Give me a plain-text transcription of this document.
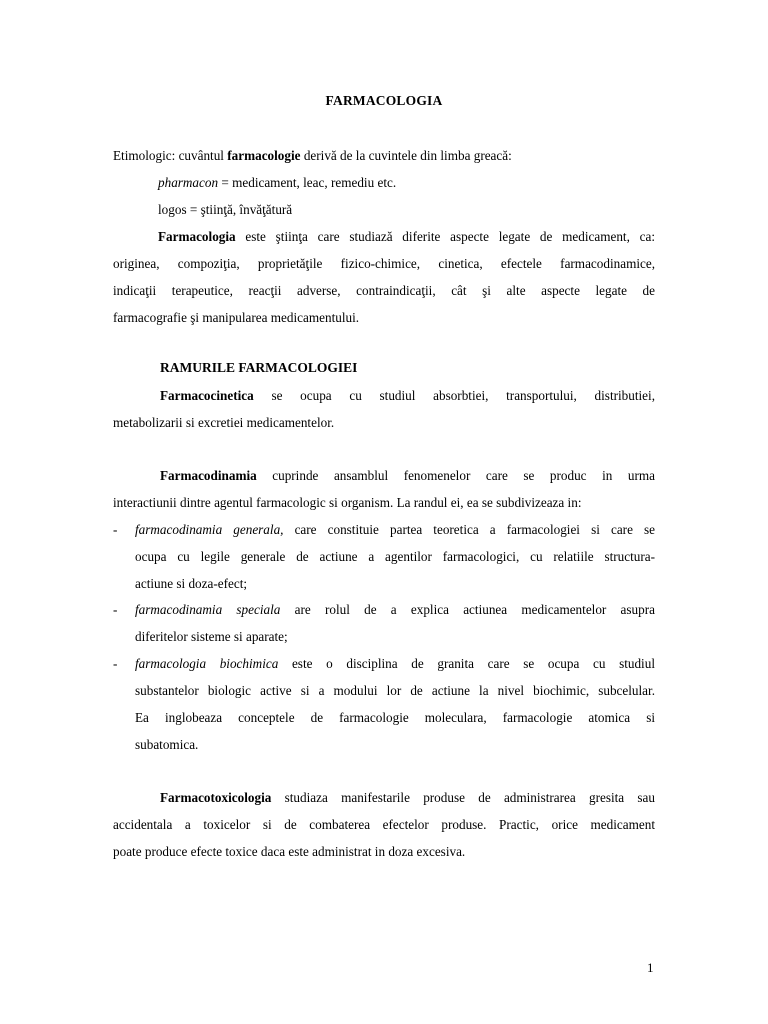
FARMACOLOGIA
Etimologic: cuvântul farmacologie derivă de la cuvintele din limba greacă:
pharmacon = medicament, leac, remediu etc.
logos = ştiinţă, învăţătură
Farmacologia este ştiinţa care studiază diferite aspecte legate de medicament, ca:
originea, compoziţia, proprietăţile fizico-chimice, cinetica, efectele farmacodinamice,
indicaţii terapeutice, reacţii adverse, contraindicaţii, cât şi alte aspecte legate de
farmacografie şi manipularea medicamentului.
RAMURILE FARMACOLOGIEI
Farmacocinetica se ocupa cu studiul absorbtiei, transportului, distributiei,
metabolizarii si excretiei medicamentelor.
Farmacodinamia cuprinde ansamblul fenomenelor care se produc in urma
interactiunii dintre agentul farmacologic si organism. La randul ei, ea se subdivizeaza in:
- farmacodinamia generala, care constituie partea teoretica a farmacologiei si care se
ocupa cu legile generale de actiune a agentilor farmacologici, cu relatiile structura-
actiune si doza-efect;
- farmacodinamia speciala are rolul de a explica actiunea medicamentelor asupra
diferitelor sisteme si aparate;
- farmacologia biochimica este o disciplina de granita care se ocupa cu studiul
substantelor biologic active si a modului lor de actiune la nivel biochimic, subcelular.
Ea inglobeaza conceptele de farmacologie moleculara, farmacologie atomica si
subatomica.
Farmacotoxicologia studiaza manifestarile produse de administrarea gresita sau
accidentala a toxicelor si de combaterea efectelor produse. Practic, orice medicament
poate produce efecte toxice daca este administrat in doza excesiva.
1
